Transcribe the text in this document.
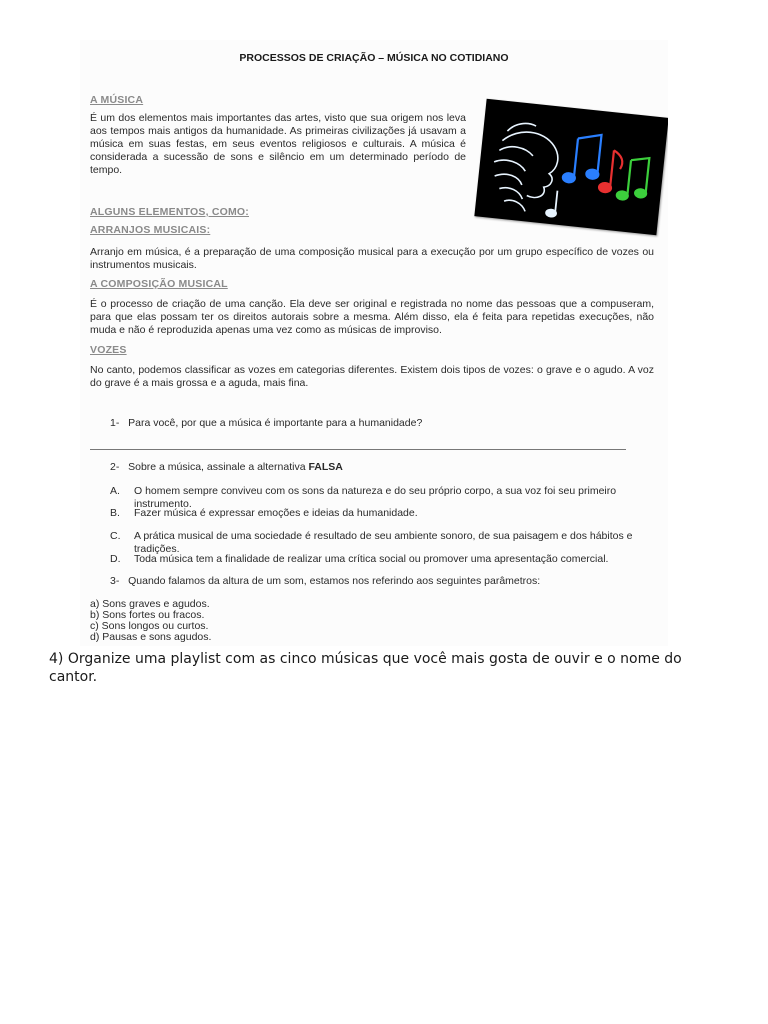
PROCESSOS DE CRIAÇÃO – MÚSICA NO COTIDIANO
A MÚSICA
É um dos elementos mais importantes das artes, visto que sua origem nos leva aos tempos mais antigos da humanidade. As primeiras civilizações já usavam a música em suas festas, em seus eventos religiosos e culturais. A música é considerada a sucessão de sons e silêncio em um determinado período de tempo.
ALGUNS ELEMENTOS, COMO:
ARRANJOS MUSICAIS:
Arranjo em música, é a preparação de uma composição musical para a execução por um grupo específico de vozes ou instrumentos musicais.
A COMPOSIÇÃO MUSICAL
É o processo de criação de uma canção. Ela deve ser original e registrada no nome das pessoas que a compuseram, para que elas possam ter os direitos autorais sobre a mesma. Além disso, ela é feita para repetidas execuções, não muda e não é reproduzida apenas uma vez como as músicas de improviso.
VOZES
No canto, podemos classificar as vozes em categorias diferentes. Existem dois tipos de vozes: o grave e o agudo. A voz do grave é a mais grossa e a aguda, mais fina.
1- Para você, por que a música é importante para a humanidade?
2- Sobre a música, assinale a alternativa FALSA
A. O homem sempre conviveu com os sons da natureza e do seu próprio corpo, a sua voz foi seu primeiro instrumento.
B. Fazer música é expressar emoções e ideias da humanidade.
C. A prática musical de uma sociedade é resultado de seu ambiente sonoro, de sua paisagem e dos hábitos e tradições.
D. Toda música tem a finalidade de realizar uma crítica social ou promover uma apresentação comercial.
3- Quando falamos da altura de um som, estamos nos referindo aos seguintes parâmetros:
a) Sons graves e agudos.
b) Sons fortes ou fracos.
c) Sons longos ou curtos.
d) Pausas e sons agudos.
4) Organize uma playlist com as cinco músicas que você mais gosta de ouvir e o nome do cantor.
